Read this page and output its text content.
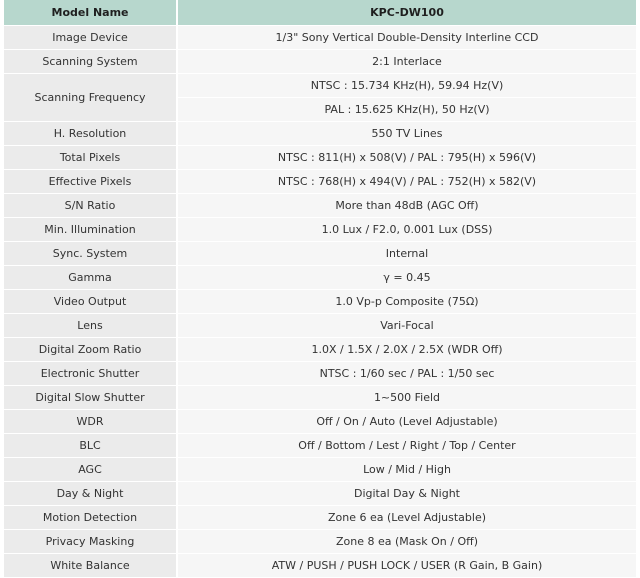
Model Name	KPC-DW100
Image Device	1/3" Sony Vertical Double-Density Interline CCD
Scanning System	2:1 Interlace
Scanning Frequency	NTSC : 15.734 KHz(H), 59.94 Hz(V)
	PAL : 15.625 KHz(H), 50 Hz(V)
H. Resolution	550 TV Lines
Total Pixels	NTSC : 811(H) x 508(V) / PAL : 795(H) x 596(V)
Effective Pixels	NTSC : 768(H) x 494(V) / PAL : 752(H) x 582(V)
S/N Ratio	More than 48dB (AGC Off)
Min. Illumination	1.0 Lux / F2.0, 0.001 Lux (DSS)
Sync. System	Internal
Gamma	γ = 0.45
Video Output	1.0 Vp-p Composite (75Ω)
Lens	Vari-Focal
Digital Zoom Ratio	1.0X / 1.5X / 2.0X / 2.5X (WDR Off)
Electronic Shutter	NTSC : 1/60 sec / PAL : 1/50 sec
Digital Slow Shutter	1~500 Field
WDR	Off / On / Auto (Level Adjustable)
BLC	Off / Bottom / Lest / Right / Top / Center
AGC	Low / Mid / High
Day & Night	Digital Day & Night
Motion Detection	Zone 6 ea (Level Adjustable)
Privacy Masking	Zone 8 ea (Mask On / Off)
White Balance	ATW / PUSH / PUSH LOCK / USER (R Gain, B Gain)
